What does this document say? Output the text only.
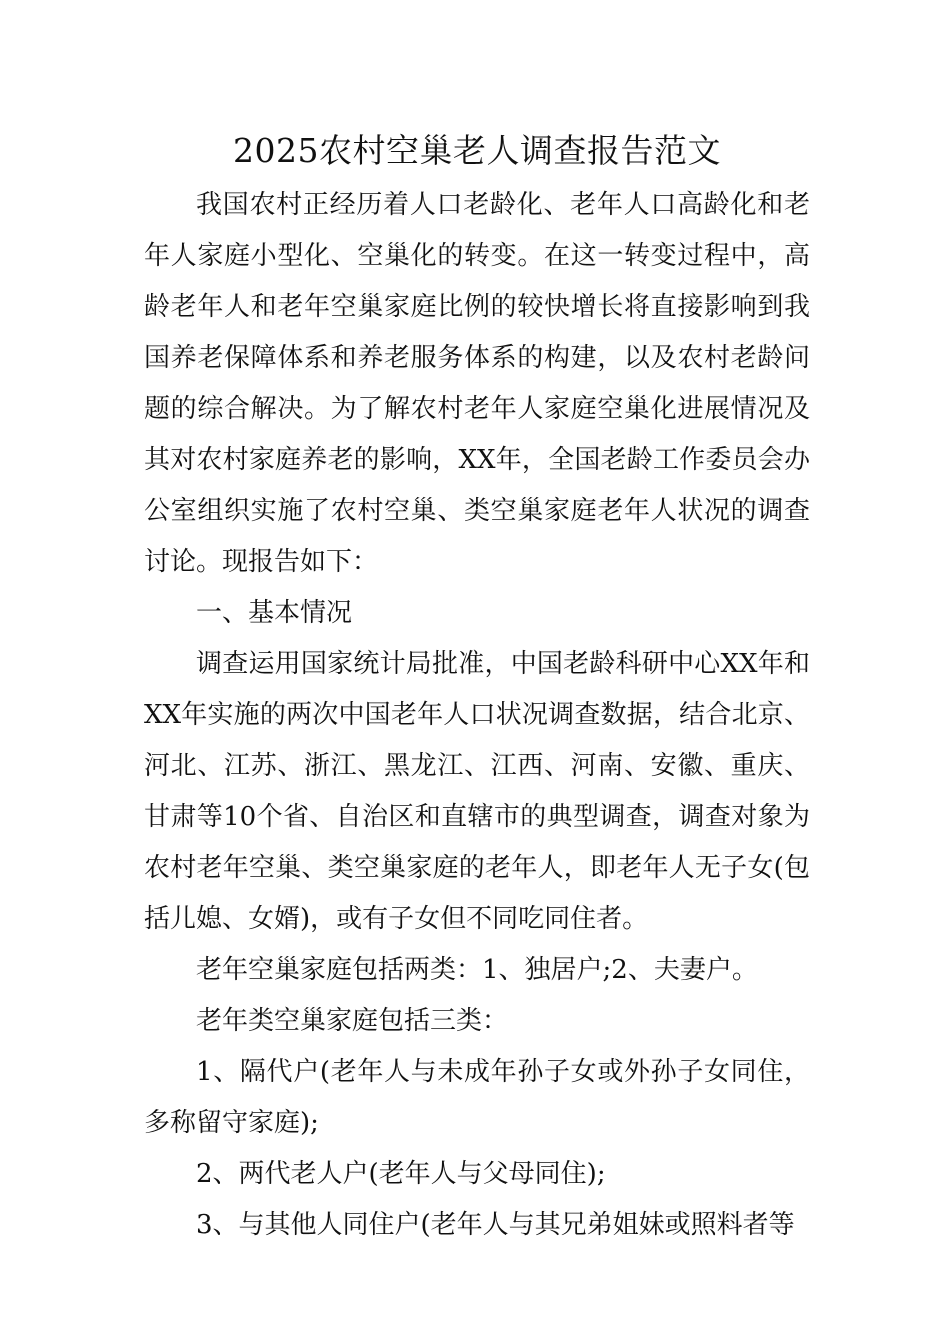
2025农村空巢老人调查报告范文

我国农村正经历着人口老龄化、老年人口高龄化和老年人家庭小型化、空巢化的转变。在这一转变过程中，高龄老年人和老年空巢家庭比例的较快增长将直接影响到我国养老保障体系和养老服务体系的构建，以及农村老龄问题的综合解决。为了解农村老年人家庭空巢化进展情况及其对农村家庭养老的影响，XX年，全国老龄工作委员会办公室组织实施了农村空巢、类空巢家庭老年人状况的调查讨论。现报告如下：

一、基本情况

调查运用国家统计局批准，中国老龄科研中心XX年和XX年实施的两次中国老年人口状况调查数据，结合北京、河北、江苏、浙江、黑龙江、江西、河南、安徽、重庆、甘肃等10个省、自治区和直辖市的典型调查，调查对象为农村老年空巢、类空巢家庭的老年人，即老年人无子女(包括儿媳、女婿)，或有子女但不同吃同住者。

老年空巢家庭包括两类：1、独居户;2、夫妻户。

老年类空巢家庭包括三类：

1、隔代户(老年人与未成年孙子女或外孙子女同住，多称留守家庭);

2、两代老人户(老年人与父母同住);

3、与其他人同住户(老年人与其兄弟姐妹或照料者等
